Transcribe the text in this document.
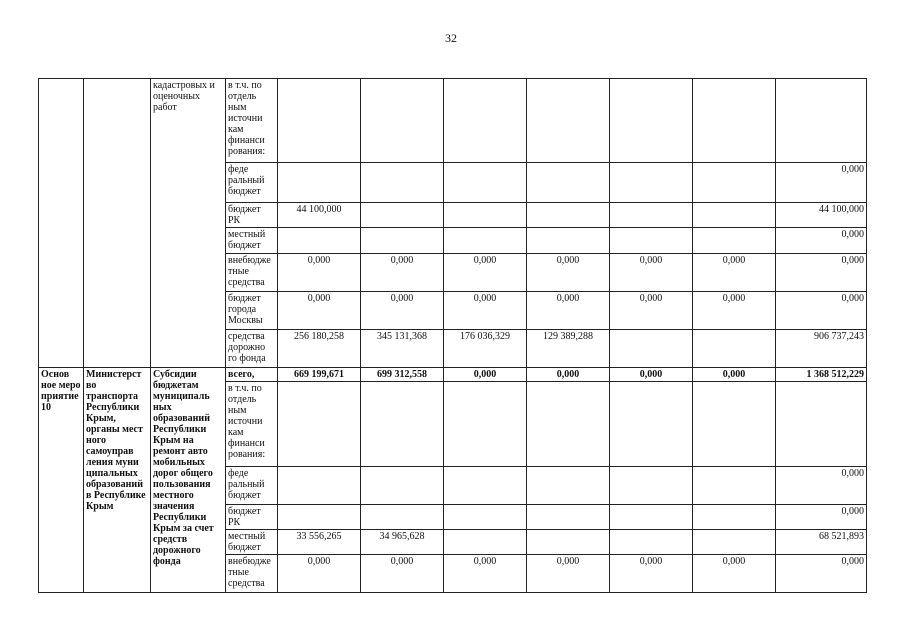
32
		кадастровых и оценочных работ	в т.ч. по отдель ным источни кам финанси рования:							
			феде ральный бюджет							0,000
			бюджет РК	44 100,000						44 100,000
			местный бюджет							0,000
			внебюдже тные средства	0,000	0,000	0,000	0,000	0,000	0,000	0,000
			бюджет города Москвы	0,000	0,000	0,000	0,000	0,000	0,000	0,000
			средства дорожно го фонда	256 180,258	345 131,368	176 036,329	129 389,288			906 737,243
Основ ное меро приятие 10	Министерст во транспорта Республики Крым, органы мест ного самоуправ ления муни ципальных образований в Республике Крым	Субсидии бюджетам муниципаль ных образований Республики Крым на ремонт авто мобильных дорог общего пользования местного значения Республики Крым за счет средств дорожного фонда	всего,	669 199,671	699 312,558	0,000	0,000	0,000	0,000	1 368 512,229
			в т.ч. по отдель ным источни кам финанси рования:							
			феде ральный бюджет							0,000
			бюджет РК							0,000
			местный бюджет	33 556,265	34 965,628					68 521,893
			внебюдже тные средства	0,000	0,000	0,000	0,000	0,000	0,000	0,000
